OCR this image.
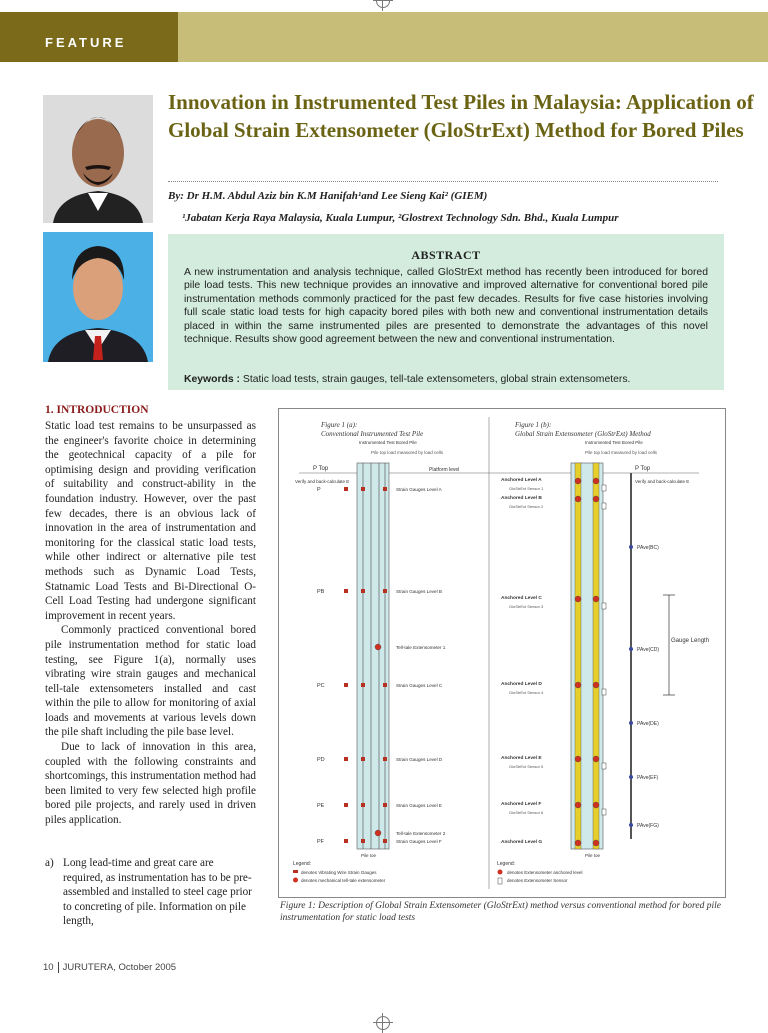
FEATURE
Innovation in Instrumented Test Piles in Malaysia: Application of Global Strain Extensometer (GloStrExt) Method for Bored Piles
By: Dr H.M. Abdul Aziz bin K.M Hanifah¹and Lee Sieng Kai² (GIEM)
¹Jabatan Kerja Raya Malaysia, Kuala Lumpur, ²Glostrext Technology Sdn. Bhd., Kuala Lumpur
ABSTRACT
A new instrumentation and analysis technique, called GloStrExt method has recently been introduced for bored pile load tests. This new technique provides an innovative and improved alternative for conventional bored pile instrumentation methods commonly practiced for the past few decades. Results for five case histories involving full scale static load tests for high capacity bored piles with both new and conventional instrumentation details placed in within the same instrumented piles are presented to demonstrate the advantages of this novel technique. Results show good agreement between the new and conventional instrumentation.
Keywords : Static load tests, strain gauges, tell-tale extensometers, global strain extensometers.
1. INTRODUCTION

Static load test remains to be unsurpassed as the engineer's favorite choice in determining the geotechnical capacity of a pile for optimising design and providing verification of suitability and construct-ability in the foundation industry. However, over the past few decades, there is an obvious lack of innovation in the area of instrumentation and monitoring for the classical static load tests, while other indirect or alternative pile test methods such as Dynamic Load Tests, Statnamic Load Tests and Bi-Directional O-Cell Load Testing had undergone significant improvement in recent years.

Commonly practiced conventional bored pile instrumentation method for static load testing, see Figure 1(a), normally uses vibrating wire strain gauges and mechanical tell-tale extensometers installed and cast within the pile to allow for monitoring of axial loads and movements at various levels down the pile shaft including the pile base level.

Due to lack of innovation in this area, coupled with the following constraints and shortcomings, this instrumentation method had been limited to very few selected high profile bored pile projects, and rarely used in driven piles application.

a) Long lead-time and great care are required, as instrumentation has to be pre-assembled and installed to steel cage prior to concreting of pile. Information on pile length,
Figure 1 (a):
Conventional Instrumented Test Pile
Figure 1 (b):
Global Strain Extensometer (GloStrExt) Method
Instrumented Test Bored Pile	Instrumented Test Bored Pile
Pile top load measured by load cells	Pile top load measured by load cells
Platform level
P Top	P Top
Verify and back-calculate E	Verify and back-calculate E
Strain Gauges Level A
P
Strain Gauges Level B
PB
Tell-tale Extensometer 1
Strain Gauges Level C
PC
Strain Gauges Level D
PD
Strain Gauges Level E
PE
Tell-tale Extensometer 2
Strain Gauges Level F
PF
Anchored Level A
GloStrExt Sensor 1
Anchored Level B
GloStrExt Sensor 2
Anchored Level C
GloStrExt Sensor 3
Anchored Level D
GloStrExt Sensor 4
Anchored Level E
GloStrExt Sensor 5
Anchored Level F
GloStrExt Sensor 6
Anchored Level G
PAve(BC)
PAve(CD)
PAve(DE)
PAve(EF)
PAve(FG)
Gauge Length
Pile toe	Pile toe
Legend:
denotes Vibrating Wire Strain Gauges
denotes mechanical tell-tale extensometer
Legend:
denotes Extensometer anchored level
denotes Extensometer Sensor
Figure 1: Description of Global Strain Extensometer (GloStrExt) method versus conventional method for bored pile instrumentation for static load tests
10 JURUTERA, October 2005
